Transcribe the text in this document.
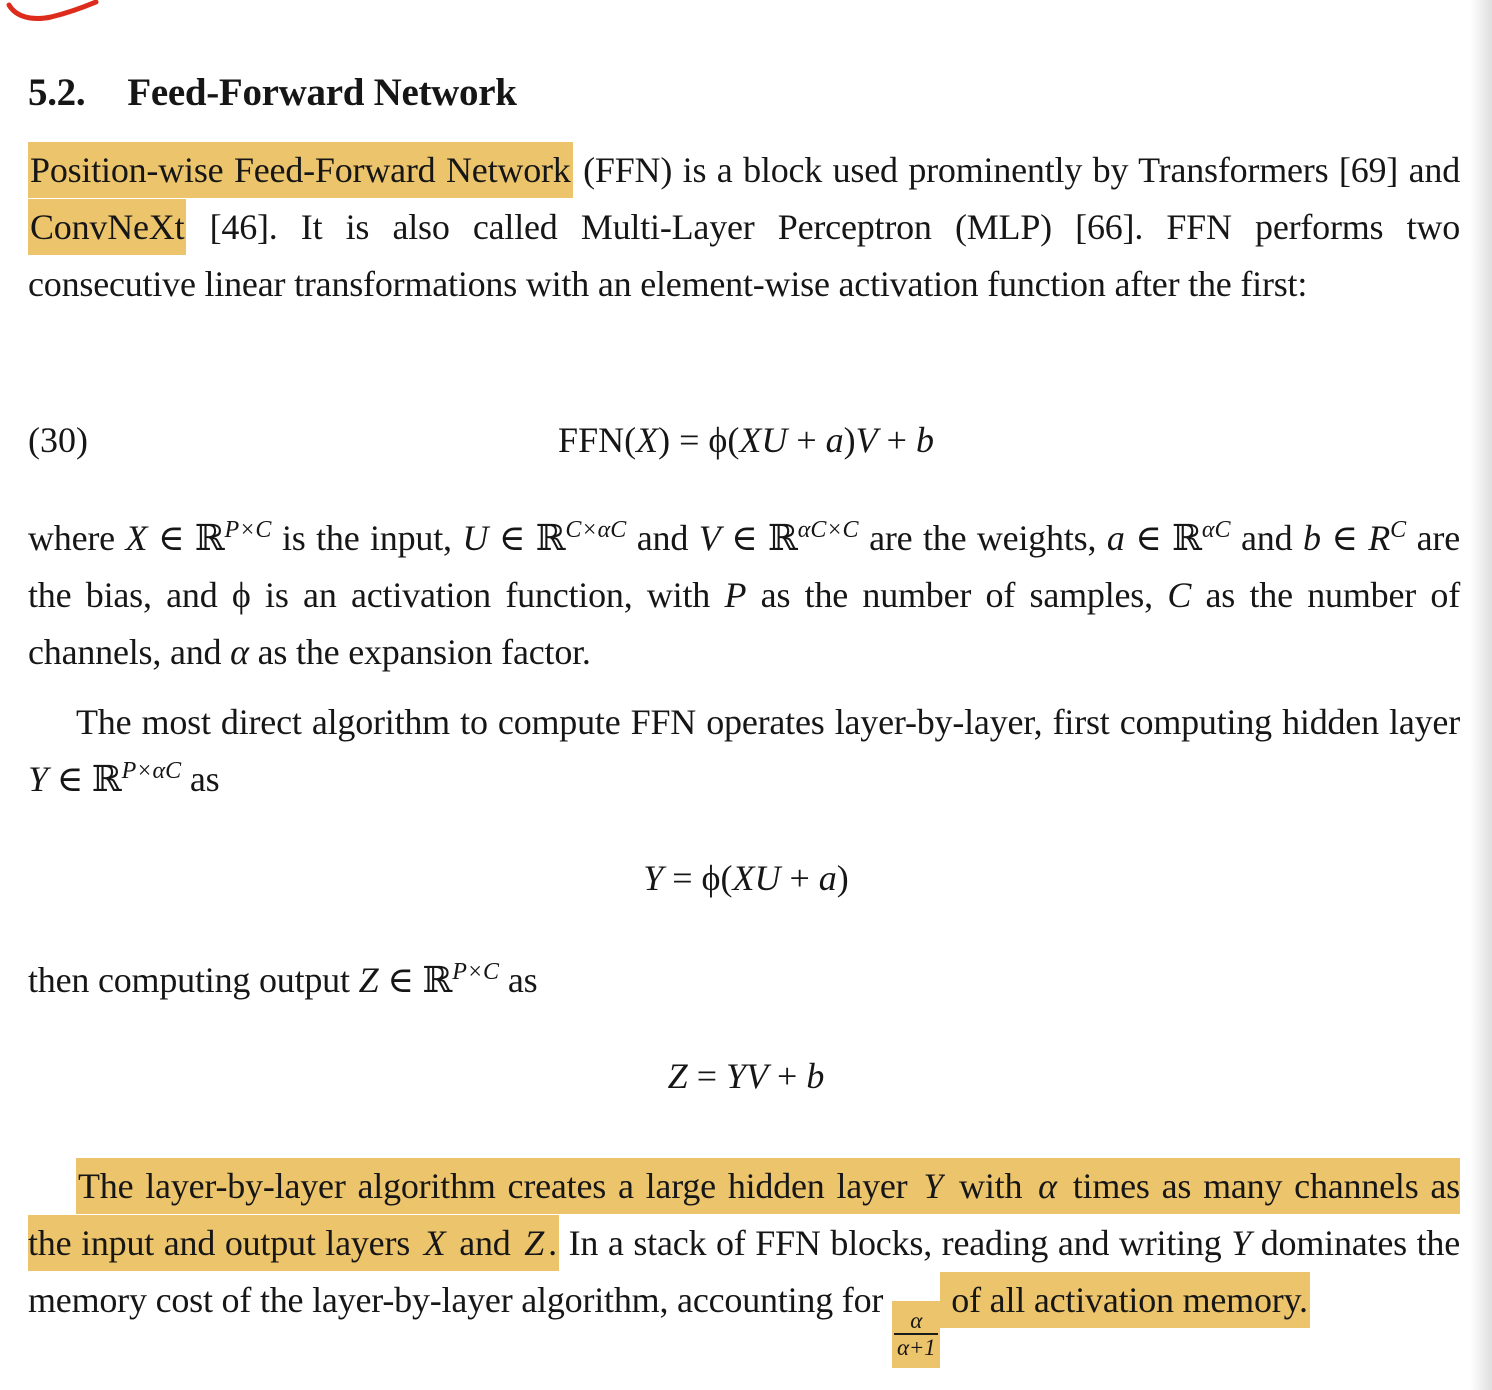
5.2. Feed-Forward Network

Position-wise Feed-Forward Network (FFN) is a block used prominently by Transformers [69] and ConvNeXt [46]. It is also called Multi-Layer Perceptron (MLP) [66]. FFN performs two consecutive linear transformations with an element-wise activation function after the first:

(30)	FFN(X) = ϕ(XU + a)V + b

where X ∈ ℝ$^{P\times C}$ is the input, U ∈ ℝ$^{C\times\alpha C}$ and V ∈ ℝ$^{\alpha C\times C}$ are the weights, a ∈ ℝ$^{\alpha C}$ and b ∈ $R^C$ are the bias, and ϕ is an activation function, with P as the number of samples, C as the number of channels, and α as the expansion factor.

The most direct algorithm to compute FFN operates layer-by-layer, first computing hidden layer Y ∈ ℝ$^{P\times\alpha C}$ as

Y = ϕ(XU + a)

then computing output Z ∈ ℝ$^{P\times C}$ as

Z = YV + b

The layer-by-layer algorithm creates a large hidden layer Y with α times as many channels as the input and output layers X and Z . In a stack of FFN blocks, reading and writing Y dominates the memory cost of the layer-by-layer algorithm, accounting for
$\frac{\alpha}{\alpha+1}$
of all activation memory.
